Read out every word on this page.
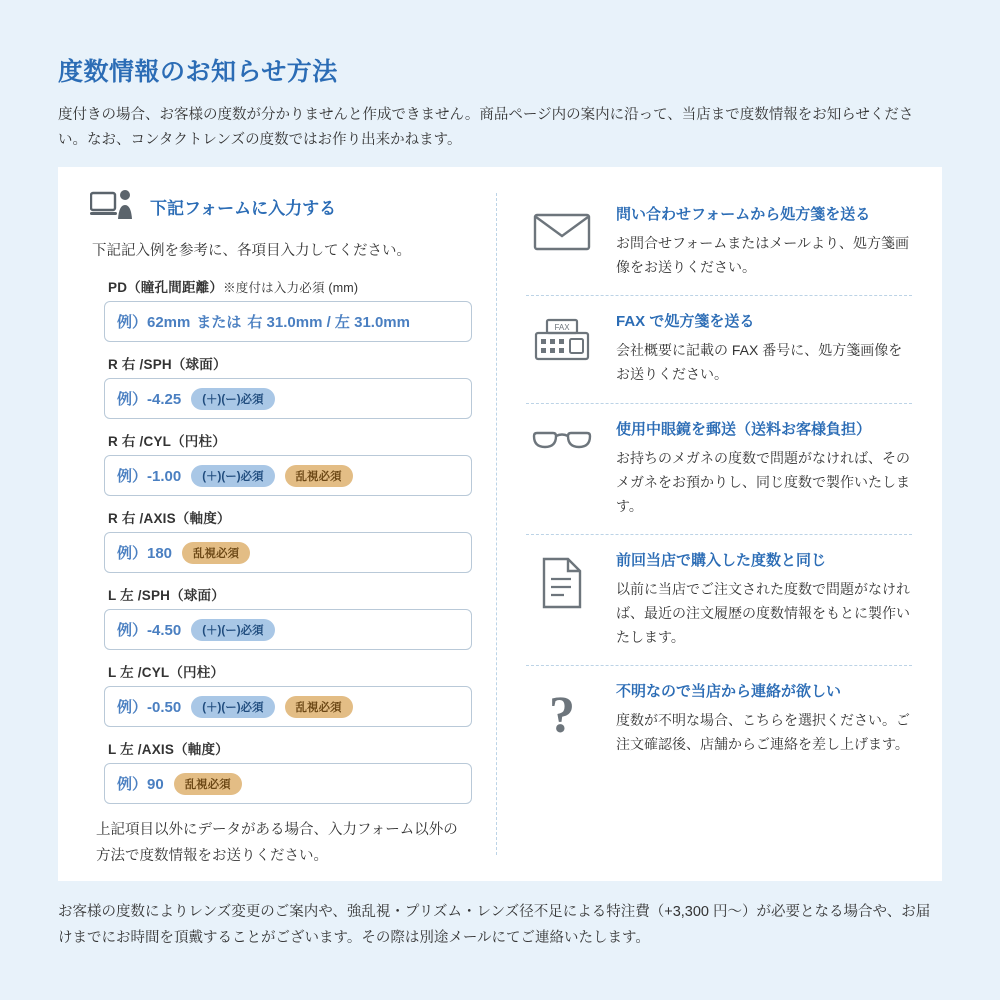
度数情報のお知らせ方法

度付きの場合、お客様の度数が分かりませんと作成できません。商品ページ内の案内に沿って、当店まで度数情報をお知らせください。なお、コンタクトレンズの度数ではお作り出来かねます。

下記フォームに入力する
下記記入例を参考に、各項目入力してください。
PD（瞳孔間距離）※度付は入力必須 (mm)
例）62mm または 右 31.0mm / 左 31.0mm
R 右 /SPH（球面）
例）-4.25	(＋)(ー)必須
R 右 /CYL（円柱）
例）-1.00	(＋)(ー)必須	乱視必須
R 右 /AXIS（軸度）
例）180	乱視必須
L 左 /SPH（球面）
例）-4.50	(＋)(ー)必須
L 左 /CYL（円柱）
例）-0.50	(＋)(ー)必須	乱視必須
L 左 /AXIS（軸度）
例）90	乱視必須
上記項目以外にデータがある場合、入力フォーム以外の方法で度数情報をお送りください。
問い合わせフォームから処方箋を送る
お問合せフォームまたはメールより、処方箋画像をお送りください。
FAX	FAX で処方箋を送る
会社概要に記載の FAX 番号に、処方箋画像をお送りください。
使用中眼鏡を郵送（送料お客様負担）
お持ちのメガネの度数で問題がなければ、そのメガネをお預かりし、同じ度数で製作いたします。
前回当店で購入した度数と同じ
以前に当店でご注文された度数で問題がなければ、最近の注文履歴の度数情報をもとに製作いたします。
?	不明なので当店から連絡が欲しい
度数が不明な場合、こちらを選択ください。ご注文確認後、店舗からご連絡を差し上げます。

お客様の度数によりレンズ変更のご案内や、強乱視・プリズム・レンズ径不足による特注費（+3,300 円～）が必要となる場合や、お届けまでにお時間を頂戴することがございます。その際は別途メールにてご連絡いたします。
